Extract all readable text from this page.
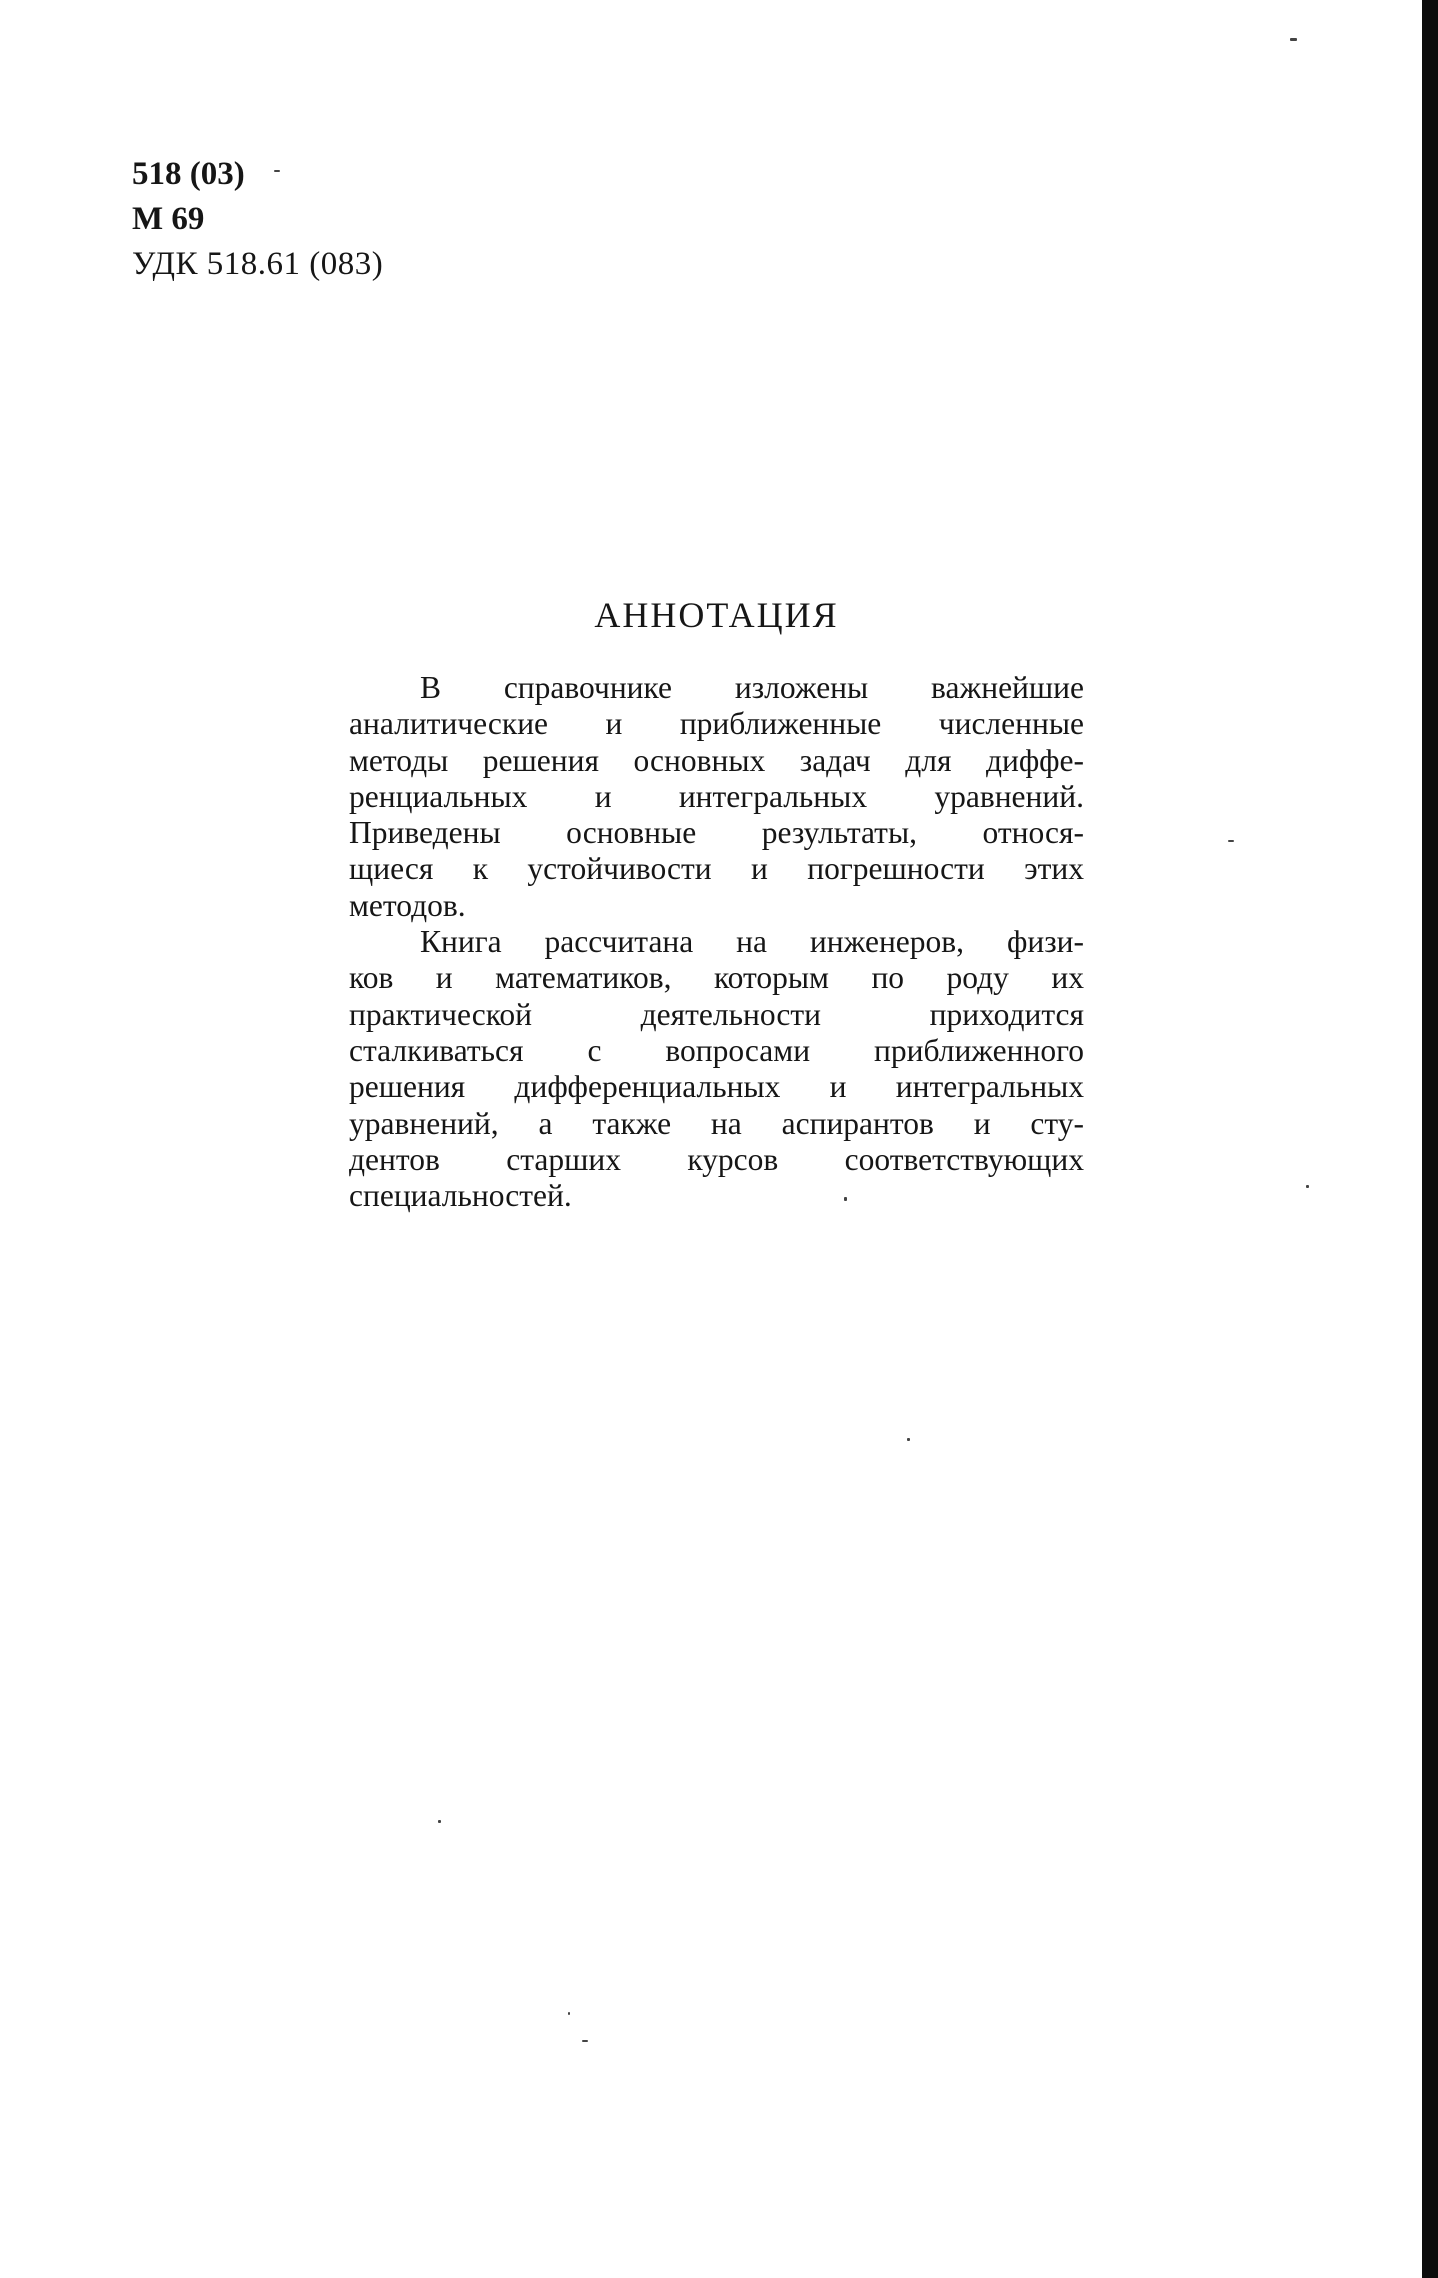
518 (03)
М 69
УДК 518.61 (083)
АННОТАЦИЯ

В справочнике изложены важнейшие
аналитические и приближенные численные
методы решения основных задач для диффе-
ренциальных и интегральных уравнений.
Приведены основные результаты, относя-
щиеся к устойчивости и погрешности этих
методов.

Книга рассчитана на инженеров, физи-
ков и математиков, которым по роду их
практической деятельности приходится
сталкиваться с вопросами приближенного
решения дифференциальных и интегральных
уравнений, а также на аспирантов и сту-
дентов старших курсов соответствующих
специальностей.
